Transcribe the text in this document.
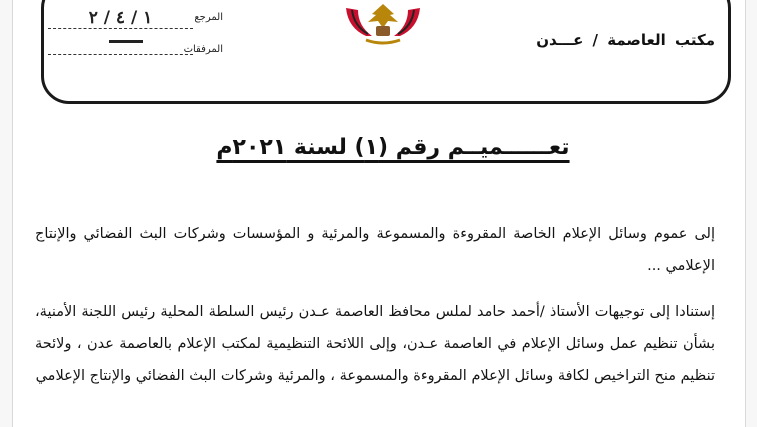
مكتب العاصمة / عـــدن
المرجع
١ / ٤ / ٢
المرفقات
تعــــــميــم رقم (١) لسنة ٢٠٢١م
إلى عموم وسائل الإعلام الخاصة المقروءة والمسموعة والمرئية و المؤسسات وشركات البث الفضائي والإنتاج الإعلامي ...
إستنادا إلى توجيهات الأستاذ /أحمد حامد لملس محافظ العاصمة عـدن رئيس السلطة المحلية رئيس اللجنة الأمنية، بشأن تنظيم عمل وسائل الإعلام في العاصمة عـدن، وإلى اللائحة التنظيمية لمكتب الإعلام بالعاصمة عدن ، ولائحة تنظيم منح التراخيص لكافة وسائل الإعلام المقروءة والمسموعة ، والمرئية وشركات البث الفضائي والإنتاج الإعلامي
